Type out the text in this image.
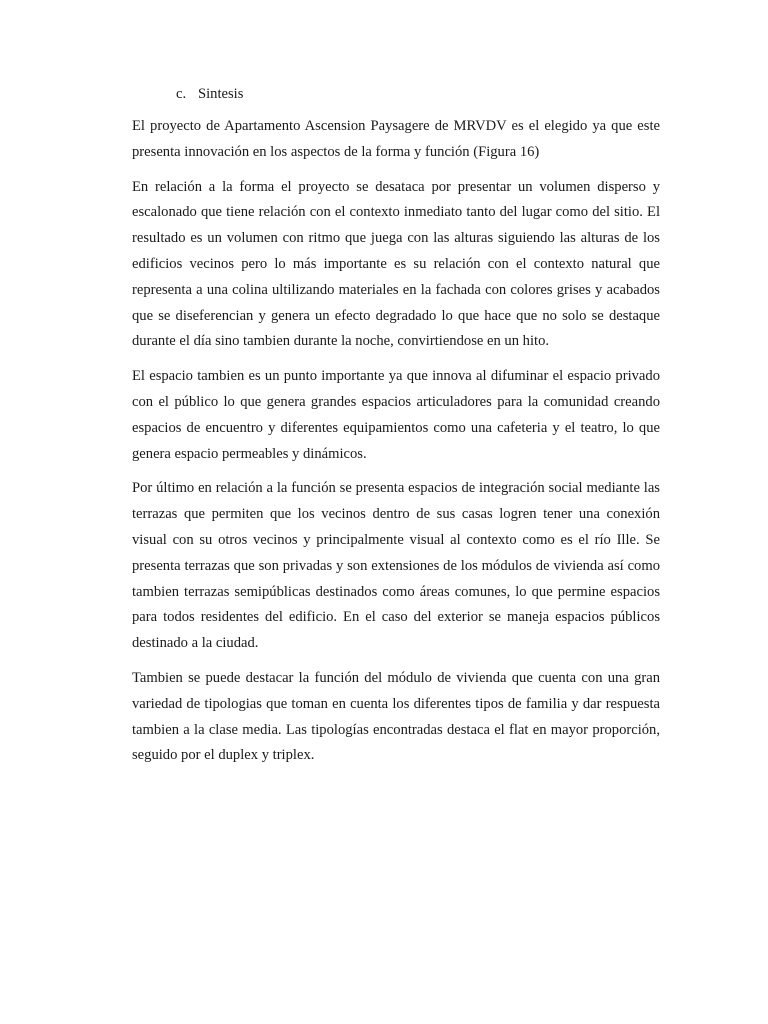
c. Sintesis

El proyecto de Apartamento Ascension Paysagere de MRVDV es el elegido ya que este presenta innovación en los aspectos de la forma y función (Figura 16)

En relación a la forma el proyecto se desataca por presentar un volumen disperso y escalonado que tiene relación con el contexto inmediato tanto del lugar como del sitio. El resultado es un volumen con ritmo que juega con las alturas siguiendo las alturas de los edificios vecinos pero lo más importante es su relación con el contexto natural que representa a una colina ultilizando materiales en la fachada con colores grises y acabados que se diseferencian y genera un efecto degradado lo que hace que no solo se destaque durante el día sino tambien durante la noche, convirtiendose en un hito.

El espacio tambien es un punto importante ya que innova al difuminar el espacio privado con el público lo que genera grandes espacios articuladores para la comunidad creando espacios de encuentro y diferentes equipamientos como una cafeteria y el teatro, lo que genera espacio permeables y dinámicos.

Por último en relación a la función se presenta espacios de integración social mediante las terrazas que permiten que los vecinos dentro de sus casas logren tener una conexión visual con su otros vecinos y principalmente visual al contexto como es el río Ille. Se presenta terrazas que son privadas y son extensiones de los módulos de vivienda así como tambien terrazas semipúblicas destinados como áreas comunes, lo que permine espacios para todos residentes del edificio. En el caso del exterior se maneja espacios públicos destinado a la ciudad.

Tambien se puede destacar la función del módulo de vivienda que cuenta con una gran variedad de tipologias que toman en cuenta los diferentes tipos de familia y dar respuesta tambien a la clase media. Las tipologías encontradas destaca el flat en mayor proporción, seguido por el duplex y triplex.
